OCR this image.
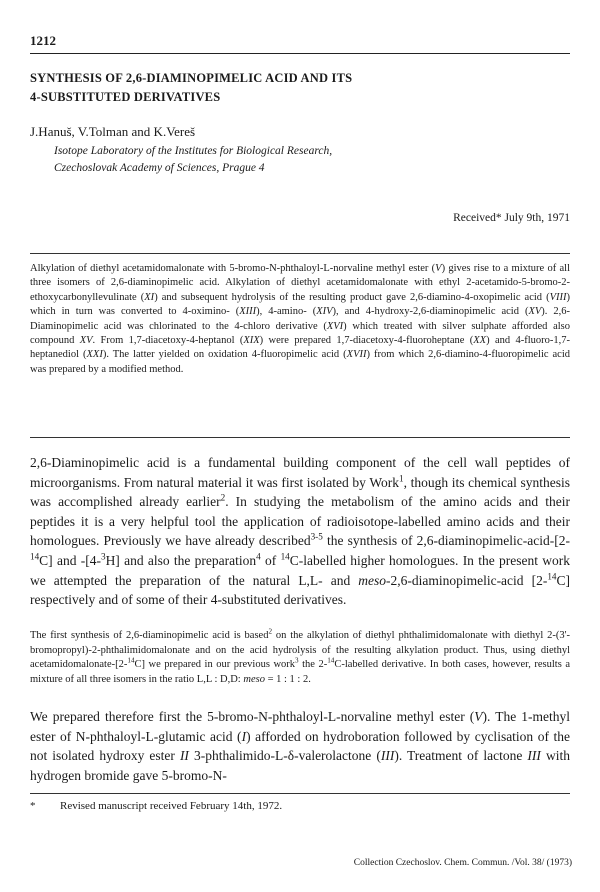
1212
SYNTHESIS OF 2,6-DIAMINOPIMELIC ACID AND ITS
4-SUBSTITUTED DERIVATIVES
J.Hanuš, V.Tolman and K.Vereš
Isotope Laboratory of the Institutes for Biological Research,
Czechoslovak Academy of Sciences, Prague 4
Received* July 9th, 1971

Alkylation of diethyl acetamidomalonate with 5-bromo-N-phthaloyl-L-norvaline methyl ester (V) gives rise to a mixture of all three isomers of 2,6-diaminopimelic acid. Alkylation of diethyl acetamidomalonate with ethyl 2-acetamido-5-bromo-2-ethoxycarbonyllevulinate (XI) and subsequent hydrolysis of the resulting product gave 2,6-diamino-4-oxopimelic acid (VIII) which in turn was converted to 4-oximino- (XIII), 4-amino- (XIV), and 4-hydroxy-2,6-diaminopimelic acid (XV). 2,6-Diaminopimelic acid was chlorinated to the 4-chloro derivative (XVI) which treated with silver sulphate afforded also compound XV. From 1,7-diacetoxy-4-heptanol (XIX) were prepared 1,7-diacetoxy-4-fluoroheptane (XX) and 4-fluoro-1,7-heptanediol (XXI). The latter yielded on oxidation 4-fluoropimelic acid (XVII) from which 2,6-diamino-4-fluoropimelic acid was prepared by a modified method.

2,6-Diaminopimelic acid is a fundamental building component of the cell wall peptides of microorganisms. From natural material it was first isolated by Work$^1$, though its chemical synthesis was accomplished already earlier$^2$. In studying the metabolism of the amino acids and their peptides it is a very helpful tool the application of radioisotope-labelled amino acids and their homologues. Previously we have already described$^{3-5}$ the synthesis of 2,6-diaminopimelic-acid-[2-$^{14}$C] and -[4-$^3$H] and also the preparation$^4$ of $^{14}$C-labelled higher homologues. In the present work we attempted the preparation of the natural L,L- and meso-2,6-diaminopimelic-acid [2-$^{14}$C] respectively and of some of their 4-substituted derivatives.

The first synthesis of 2,6-diaminopimelic acid is based$^2$ on the alkylation of diethyl phthalimidomalonate with diethyl 2-(3'-bromopropyl)-2-phthalimidomalonate and on the acid hydrolysis of the resulting alkylation product. Thus, using diethyl acetamidomalonate-[2-$^{14}$C] we prepared in our previous work$^3$ the 2-$^{14}$C-labelled derivative. In both cases, however, results a mixture of all three isomers in the ratio L,L : D,D: meso = 1 : 1 : 2.

We prepared therefore first the 5-bromo-N-phthaloyl-L-norvaline methyl ester (V). The 1-methyl ester of N-phthaloyl-L-glutamic acid (I) afforded on hydroboration followed by cyclisation of the not isolated hydroxy ester II 3-phthalimido-L-δ-valerolactone (III). Treatment of lactone III with hydrogen bromide gave 5-bromo-N-

* Revised manuscript received February 14th, 1972.
Collection Czechoslov. Chem. Commun. /Vol. 38/ (1973)
